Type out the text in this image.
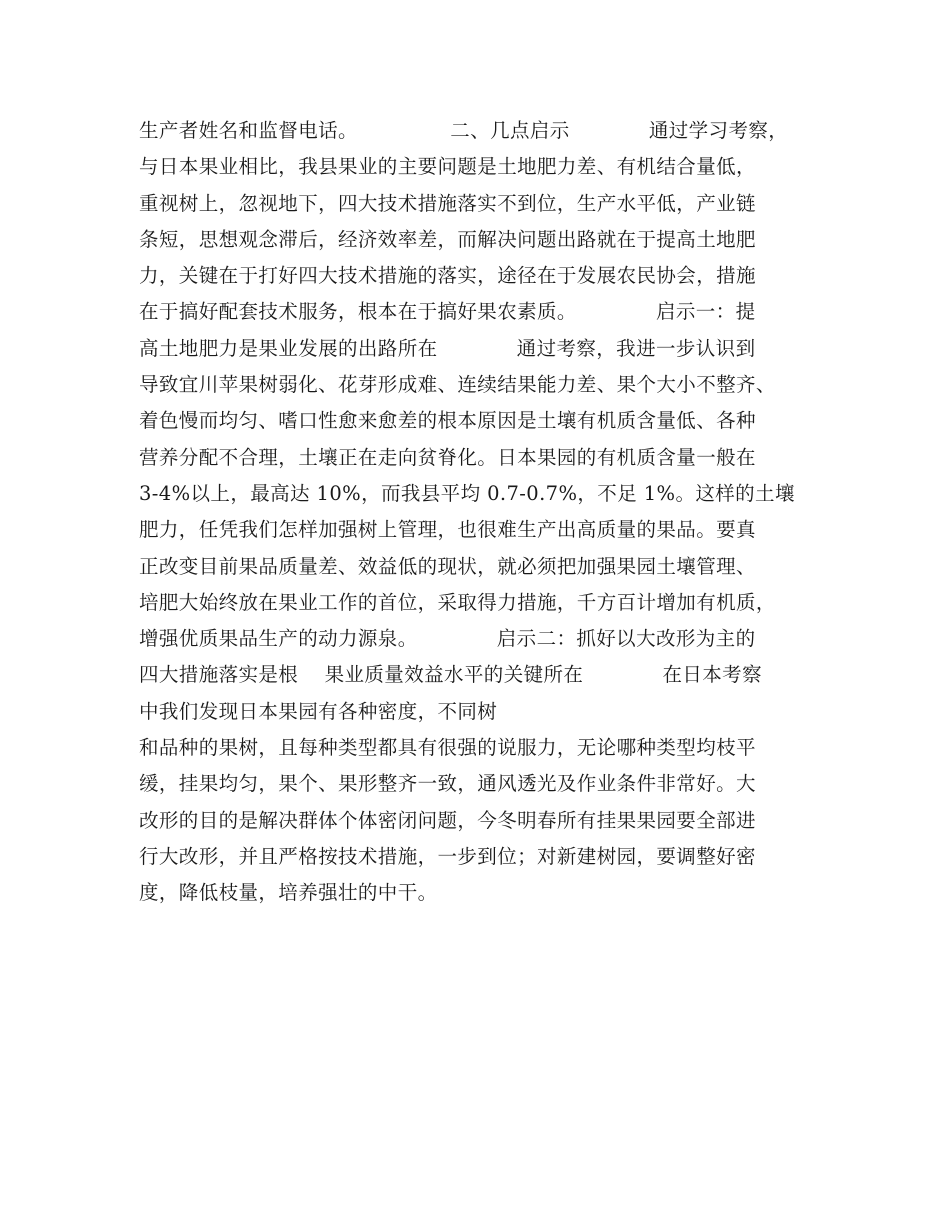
生产者姓名和监督电话。              二、几点启示            通过学习考察，
与日本果业相比，我县果业的主要问题是土地肥力差、有机结合量低，
重视树上，忽视地下，四大技术措施落实不到位，生产水平低，产业链
条短，思想观念滞后，经济效率差，而解决问题出路就在于提高土地肥
力，关键在于打好四大技术措施的落实，途径在于发展农民协会，措施
在于搞好配套技术服务，根本在于搞好果农素质。            启示一：提
高土地肥力是果业发展的出路所在            通过考察，我进一步认识到
导致宜川苹果树弱化、花芽形成难、连续结果能力差、果个大小不整齐、
着色慢而均匀、嗜口性愈来愈差的根本原因是土壤有机质含量低、各种
营养分配不合理，土壤正在走向贫脊化。日本果园的有机质含量一般在
3-4%以上，最高达 10%，而我县平均 0.7-0.7%，不足 1%。这样的土壤
肥力，任凭我们怎样加强树上管理，也很难生产出高质量的果品。要真
正改变目前果品质量差、效益低的现状，就必须把加强果园土壤管理、
培肥大始终放在果业工作的首位，采取得力措施，千方百计增加有机质，
增强优质果品生产的动力源泉。            启示二：抓好以大改形为主的
四大措施落实是根    果业质量效益水平的关键所在            在日本考察
中我们发现日本果园有各种密度，不同树
和品种的果树，且每种类型都具有很强的说服力，无论哪种类型均枝平
缓，挂果均匀，果个、果形整齐一致，通风透光及作业条件非常好。大
改形的目的是解决群体个体密闭问题，今冬明春所有挂果果园要全部进
行大改形，并且严格按技术措施，一步到位；对新建树园，要调整好密
度，降低枝量，培养强壮的中干。
